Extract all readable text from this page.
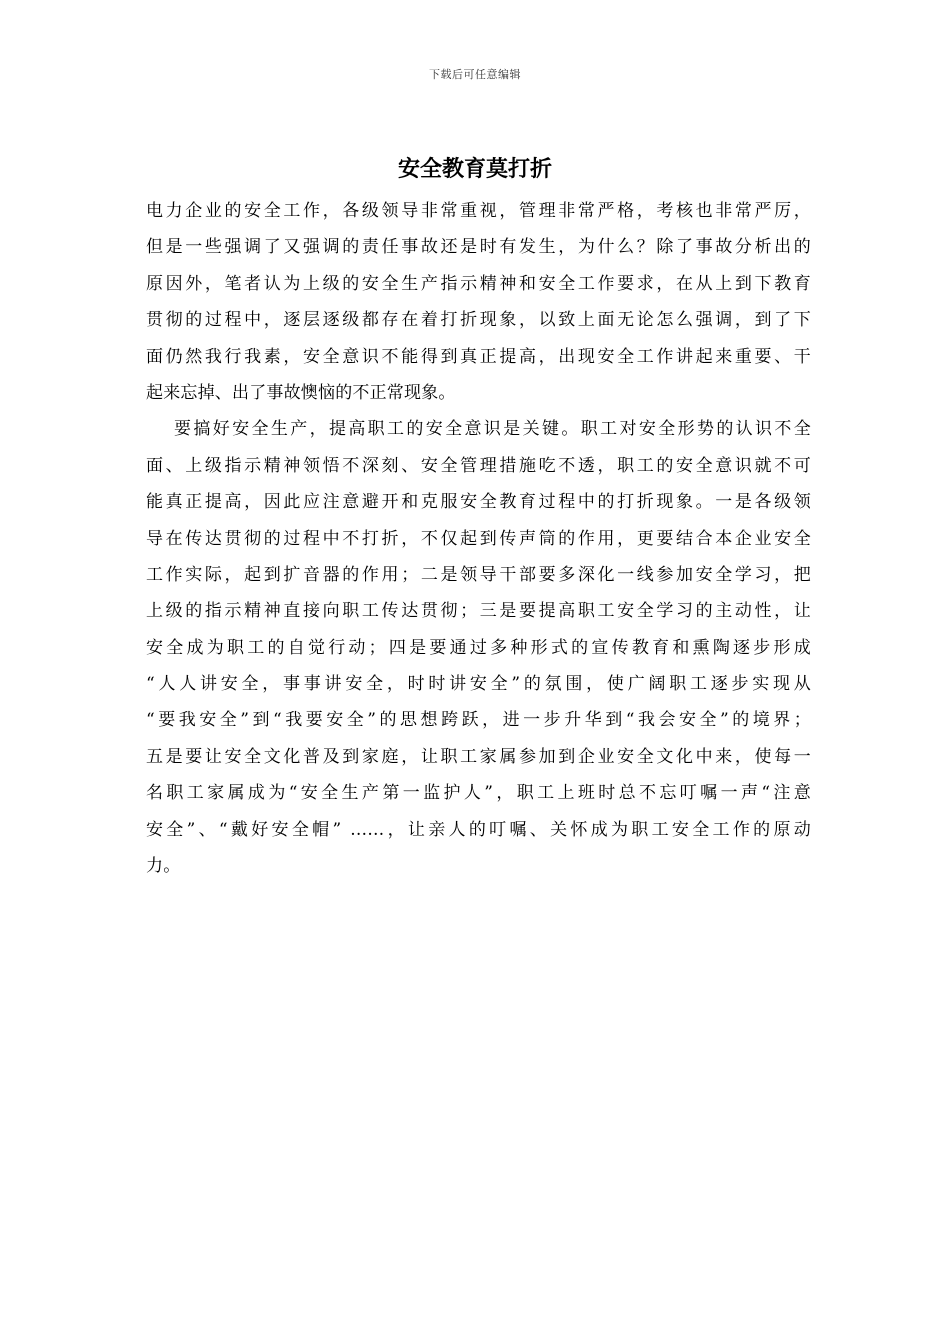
下载后可任意编辑
安全教育莫打折
电力企业的安全工作，各级领导非常重视，管理非常严格，考核也非常严厉，
但是一些强调了又强调的责任事故还是时有发生，为什么？除了事故分析出的
原因外，笔者认为上级的安全生产指示精神和安全工作要求，在从上到下教育
贯彻的过程中，逐层逐级都存在着打折现象，以致上面无论怎么强调，到了下
面仍然我行我素，安全意识不能得到真正提高，出现安全工作讲起来重要、干
起来忘掉、出了事故懊恼的不正常现象。
要搞好安全生产，提高职工的安全意识是关键。职工对安全形势的认识不全
面、上级指示精神领悟不深刻、安全管理措施吃不透，职工的安全意识就不可
能真正提高，因此应注意避开和克服安全教育过程中的打折现象。一是各级领
导在传达贯彻的过程中不打折，不仅起到传声筒的作用，更要结合本企业安全
工作实际，起到扩音器的作用；二是领导干部要多深化一线参加安全学习，把
上级的指示精神直接向职工传达贯彻；三是要提高职工安全学习的主动性，让
安全成为职工的自觉行动；四是要通过多种形式的宣传教育和熏陶逐步形成
“人人讲安全，事事讲安全，时时讲安全”的氛围，使广阔职工逐步实现从
“要我安全”到“我要安全”的思想跨跃，进一步升华到“我会安全”的境界；
五是要让安全文化普及到家庭，让职工家属参加到企业安全文化中来，使每一
名职工家属成为“安全生产第一监护人”，职工上班时总不忘叮嘱一声“注意
安全”、“戴好安全帽” ……，让亲人的叮嘱、关怀成为职工安全工作的原动
力。
